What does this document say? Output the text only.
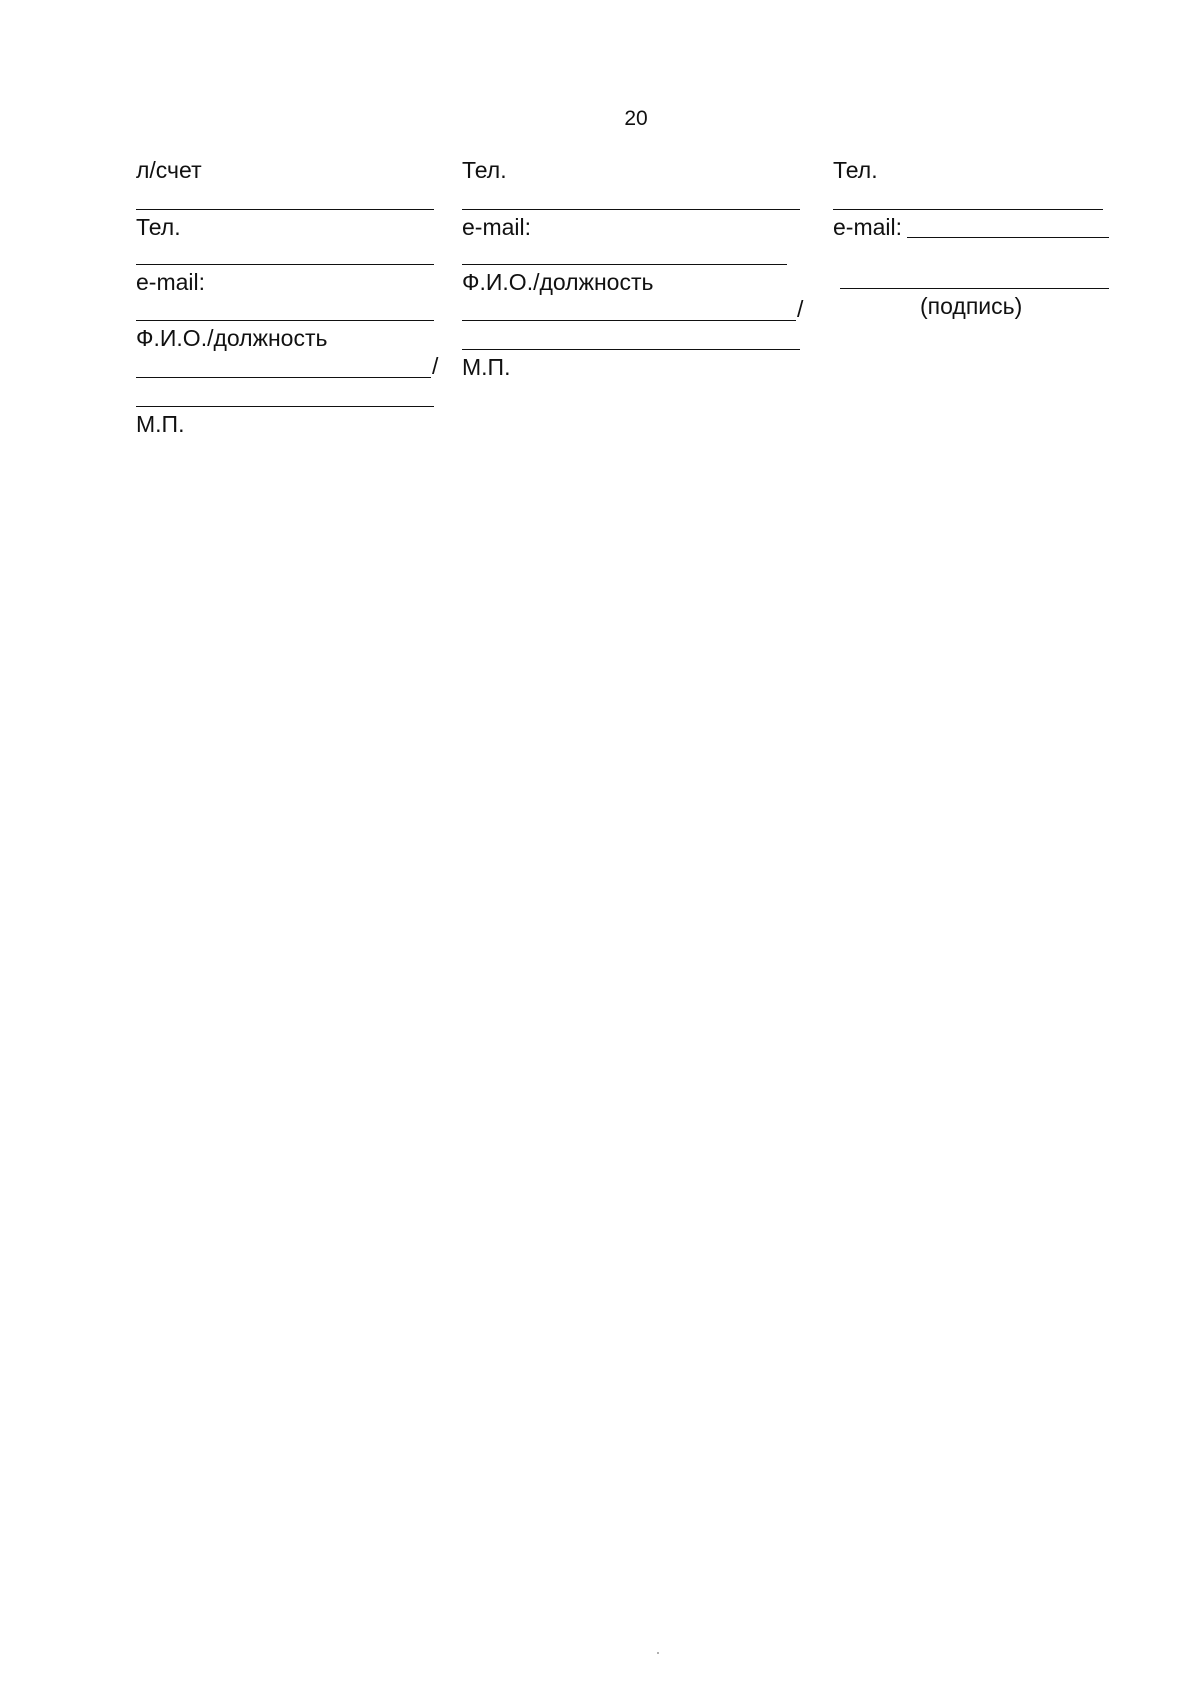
20
л/счет
Тел.
e-mail:
Ф.И.О./должность
/
М.П.
Тел.
e-mail:
Ф.И.О./должность
/
М.П.
Тел.
e-mail:
(подпись)
